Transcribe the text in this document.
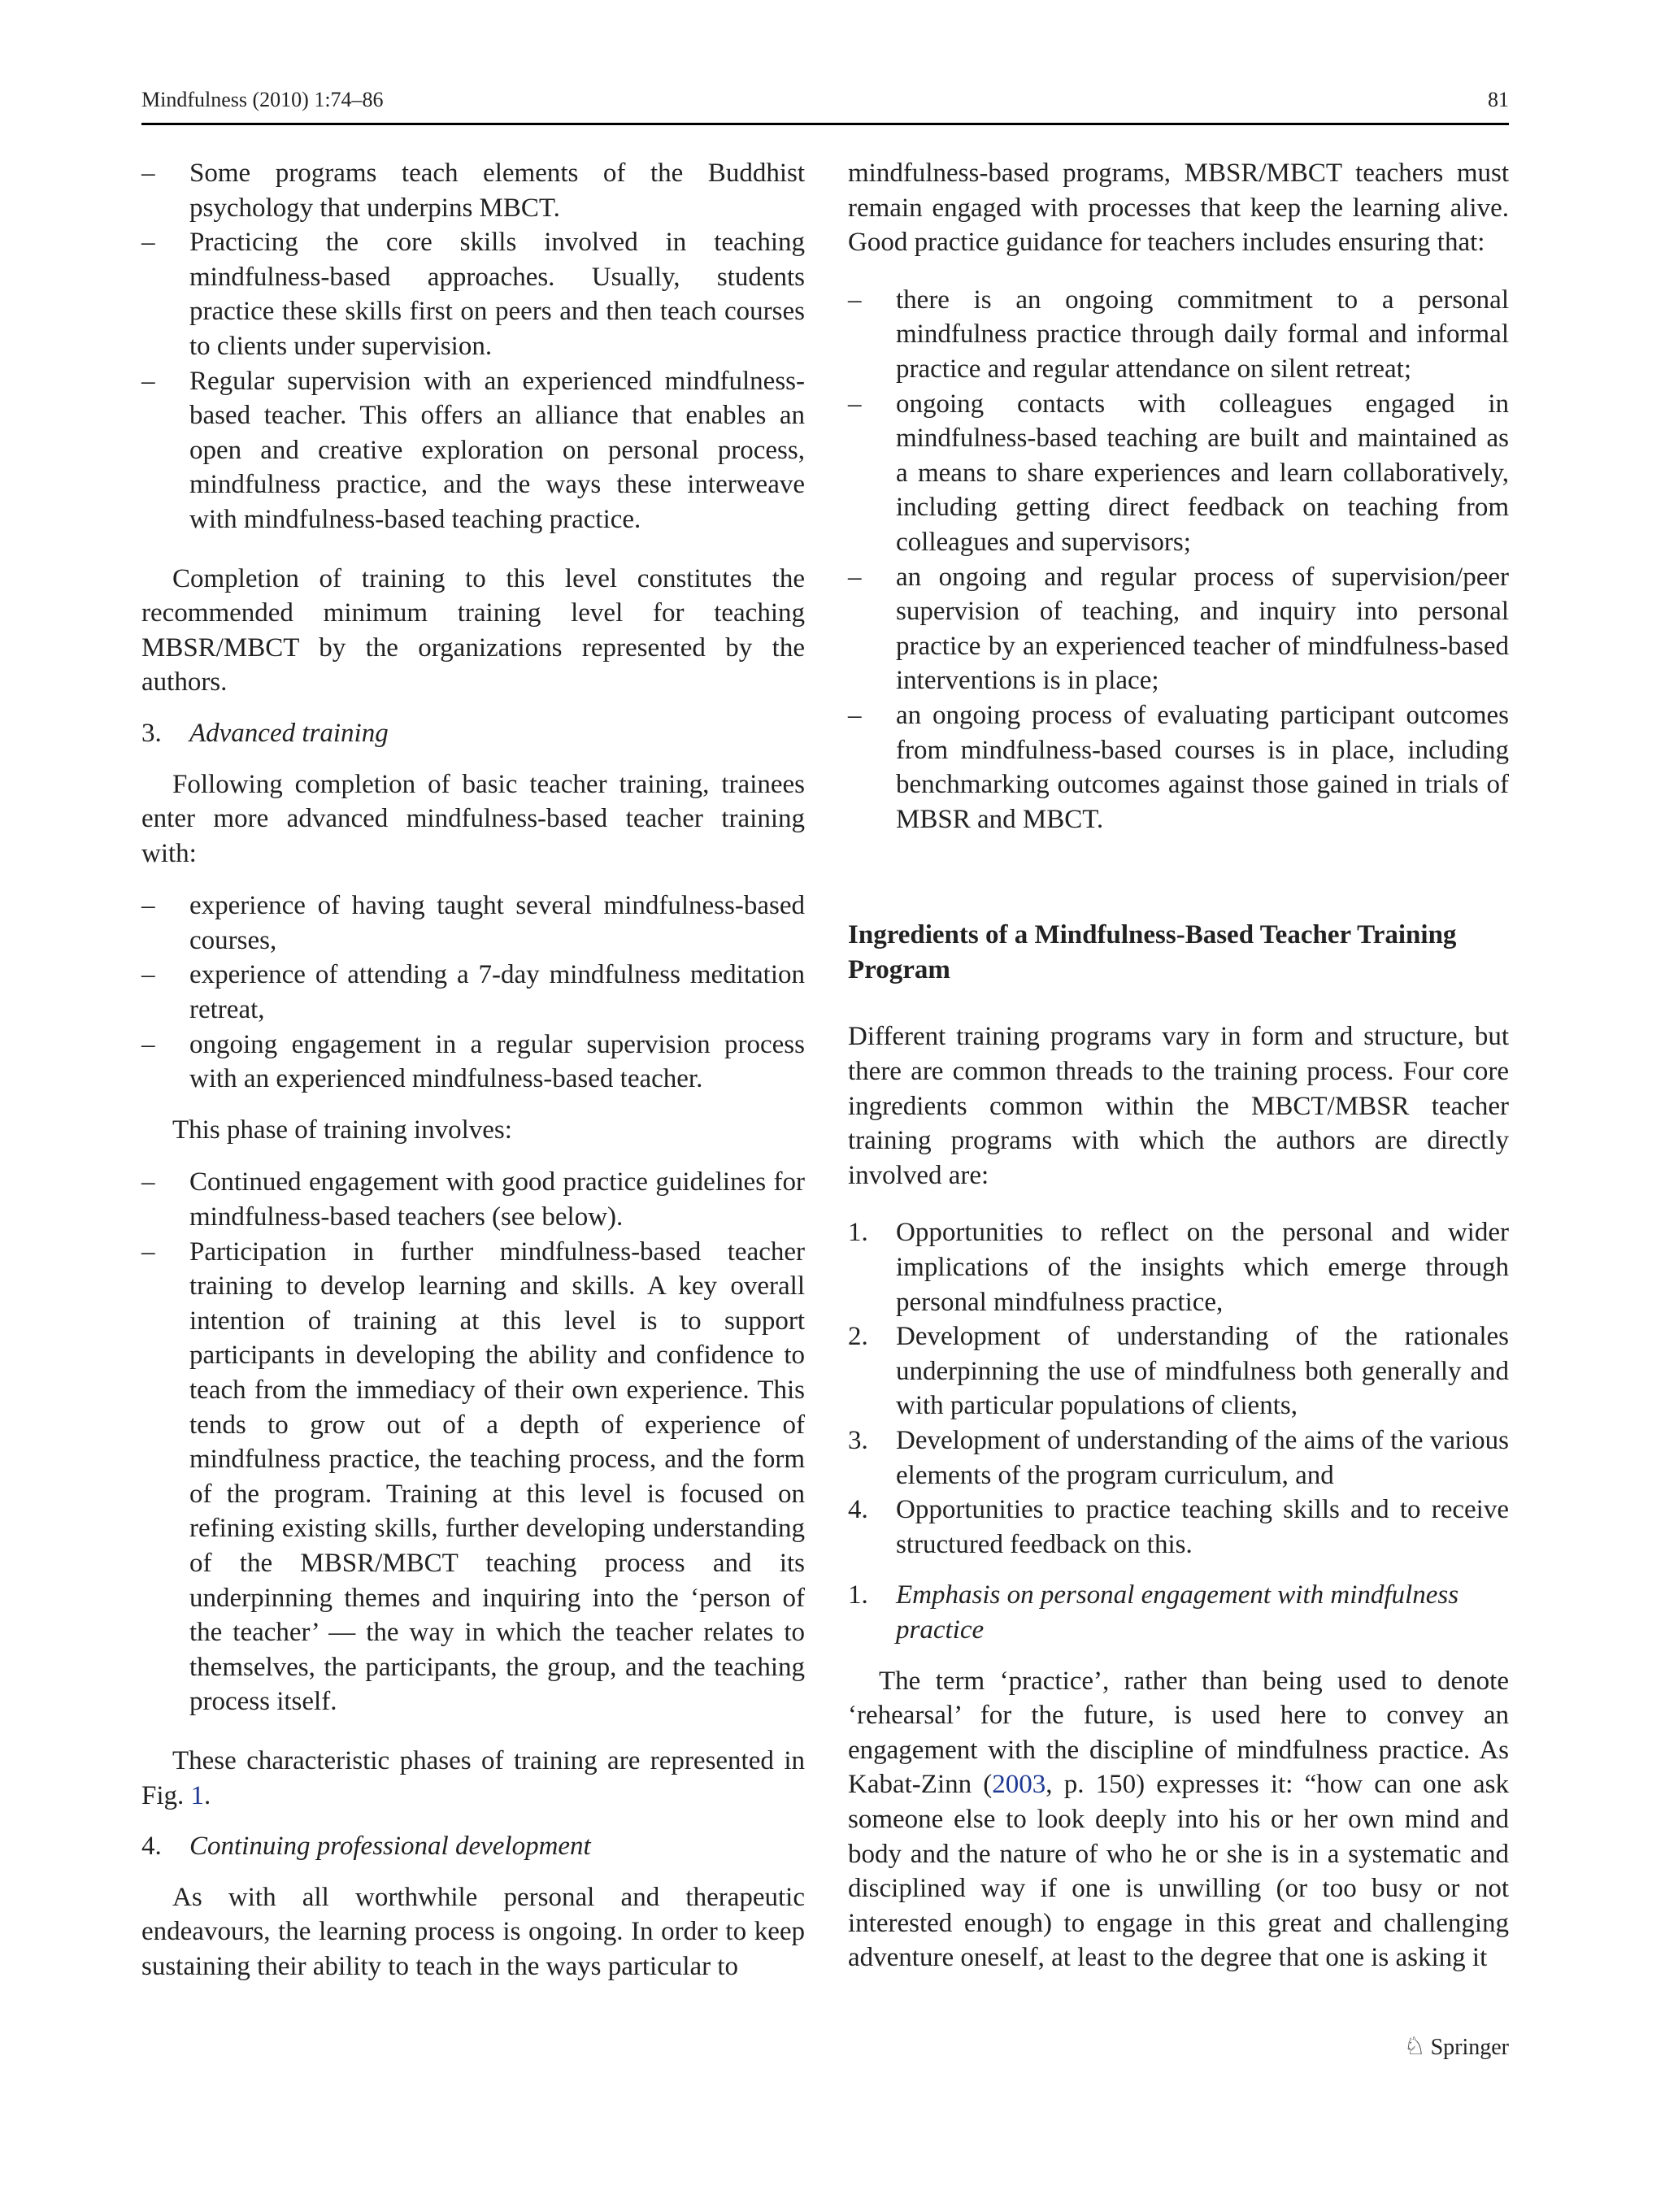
Mindfulness (2010) 1:74–86	81
– Some programs teach elements of the Buddhist psychology that underpins MBCT.
– Practicing the core skills involved in teaching mindfulness-based approaches. Usually, students practice these skills first on peers and then teach courses to clients under supervision.
– Regular supervision with an experienced mindfulness-based teacher. This offers an alliance that enables an open and creative exploration on personal process, mindfulness practice, and the ways these interweave with mindfulness-based teaching practice.

Completion of training to this level constitutes the recommended minimum training level for teaching MBSR/MBCT by the organizations represented by the authors.

3. Advanced training

Following completion of basic teacher training, trainees enter more advanced mindfulness-based teacher training with:

– experience of having taught several mindfulness-based courses,
– experience of attending a 7-day mindfulness meditation retreat,
– ongoing engagement in a regular supervision process with an experienced mindfulness-based teacher.

This phase of training involves:

– Continued engagement with good practice guidelines for mindfulness-based teachers (see below).
– Participation in further mindfulness-based teacher training to develop learning and skills. A key overall intention of training at this level is to support participants in developing the ability and confidence to teach from the immediacy of their own experience. This tends to grow out of a depth of experience of mindfulness practice, the teaching process, and the form of the program. Training at this level is focused on refining existing skills, further developing understanding of the MBSR/MBCT teaching process and its underpinning themes and inquiring into the ‘person of the teacher’ — the way in which the teacher relates to themselves, the participants, the group, and the teaching process itself.

These characteristic phases of training are represented in Fig. 1.

4. Continuing professional development

As with all worthwhile personal and therapeutic endeavours, the learning process is ongoing. In order to keep sustaining their ability to teach in the ways particular to

mindfulness-based programs, MBSR/MBCT teachers must remain engaged with processes that keep the learning alive. Good practice guidance for teachers includes ensuring that:

– there is an ongoing commitment to a personal mindfulness practice through daily formal and informal practice and regular attendance on silent retreat;
– ongoing contacts with colleagues engaged in mindfulness-based teaching are built and maintained as a means to share experiences and learn collaboratively, including getting direct feedback on teaching from colleagues and supervisors;
– an ongoing and regular process of supervision/peer supervision of teaching, and inquiry into personal practice by an experienced teacher of mindfulness-based interventions is in place;
– an ongoing process of evaluating participant outcomes from mindfulness-based courses is in place, including benchmarking outcomes against those gained in trials of MBSR and MBCT.
Ingredients of a Mindfulness-Based Teacher Training Program

Different training programs vary in form and structure, but there are common threads to the training process. Four core ingredients common within the MBCT/MBSR teacher training programs with which the authors are directly involved are:

1. Opportunities to reflect on the personal and wider implications of the insights which emerge through personal mindfulness practice,
2. Development of understanding of the rationales underpinning the use of mindfulness both generally and with particular populations of clients,
3. Development of understanding of the aims of the various elements of the program curriculum, and
4. Opportunities to practice teaching skills and to receive structured feedback on this.
1. Emphasis on personal engagement with mindfulness practice

The term ‘practice’, rather than being used to denote ‘rehearsal’ for the future, is used here to convey an engagement with the discipline of mindfulness practice. As Kabat-Zinn (2003, p. 150) expresses it: “how can one ask someone else to look deeply into his or her own mind and body and the nature of who he or she is in a systematic and disciplined way if one is unwilling (or too busy or not interested enough) to engage in this great and challenging adventure oneself, at least to the degree that one is asking it

♘ Springer
